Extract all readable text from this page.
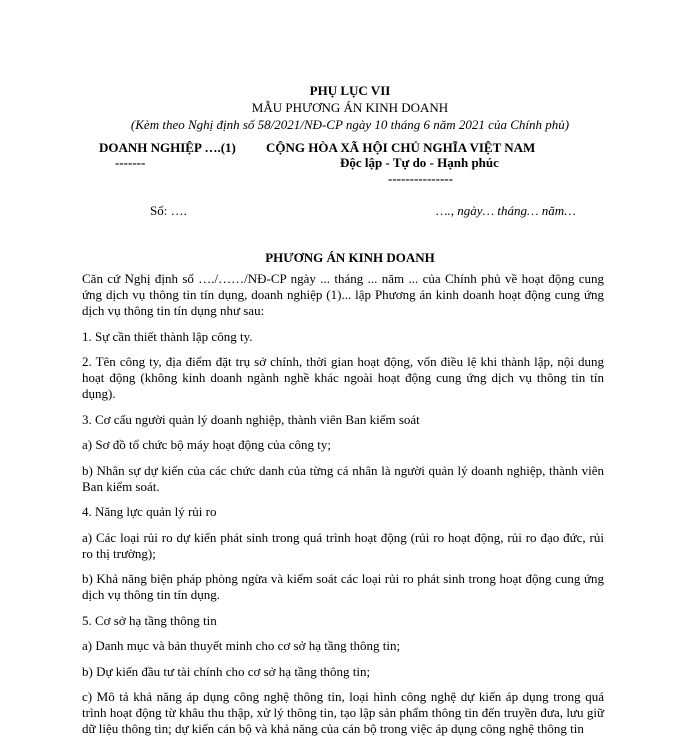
PHỤ LỤC VII
MẪU PHƯƠNG ÁN KINH DOANH
(Kèm theo Nghị định số 58/2021/NĐ-CP ngày 10 tháng 6 năm 2021 của Chính phủ)
DOANH NGHIỆP ….(1)
-------
CỘNG HÒA XÃ HỘI CHỦ NGHĨA VIỆT NAM
Độc lập - Tự do - Hạnh phúc
---------------
Số: ….	…., ngày… tháng… năm…
PHƯƠNG ÁN KINH DOANH

Căn cứ Nghị định số …./……/NĐ-CP ngày ... tháng ... năm ... của Chính phủ về hoạt động cung ứng dịch vụ thông tin tín dụng, doanh nghiệp (1)... lập Phương án kinh doanh hoạt động cung ứng dịch vụ thông tin tín dụng như sau:

1. Sự cần thiết thành lập công ty.

2. Tên công ty, địa điểm đặt trụ sở chính, thời gian hoạt động, vốn điều lệ khi thành lập, nội dung hoạt động (không kinh doanh ngành nghề khác ngoài hoạt động cung ứng dịch vụ thông tin tín dụng).

3. Cơ cấu người quản lý doanh nghiệp, thành viên Ban kiểm soát

a) Sơ đồ tổ chức bộ máy hoạt động của công ty;

b) Nhân sự dự kiến của các chức danh của từng cá nhân là người quản lý doanh nghiệp, thành viên Ban kiểm soát.

4. Năng lực quản lý rủi ro

a) Các loại rủi ro dự kiến phát sinh trong quá trình hoạt động (rủi ro hoạt động, rủi ro đạo đức, rủi ro thị trường);

b) Khả năng biện pháp phòng ngừa và kiểm soát các loại rủi ro phát sinh trong hoạt động cung ứng dịch vụ thông tin tín dụng.

5. Cơ sở hạ tầng thông tin

a) Danh mục và bản thuyết minh cho cơ sở hạ tầng thông tin;

b) Dự kiến đầu tư tài chính cho cơ sở hạ tầng thông tin;

c) Mô tả khả năng áp dụng công nghệ thông tin, loại hình công nghệ dự kiến áp dụng trong quá trình hoạt động từ khâu thu thập, xử lý thông tin, tạo lập sản phẩm thông tin đến truyền đưa, lưu giữ dữ liệu thông tin; dự kiến cán bộ và khả năng của cán bộ trong việc áp dụng công nghệ thông tin
